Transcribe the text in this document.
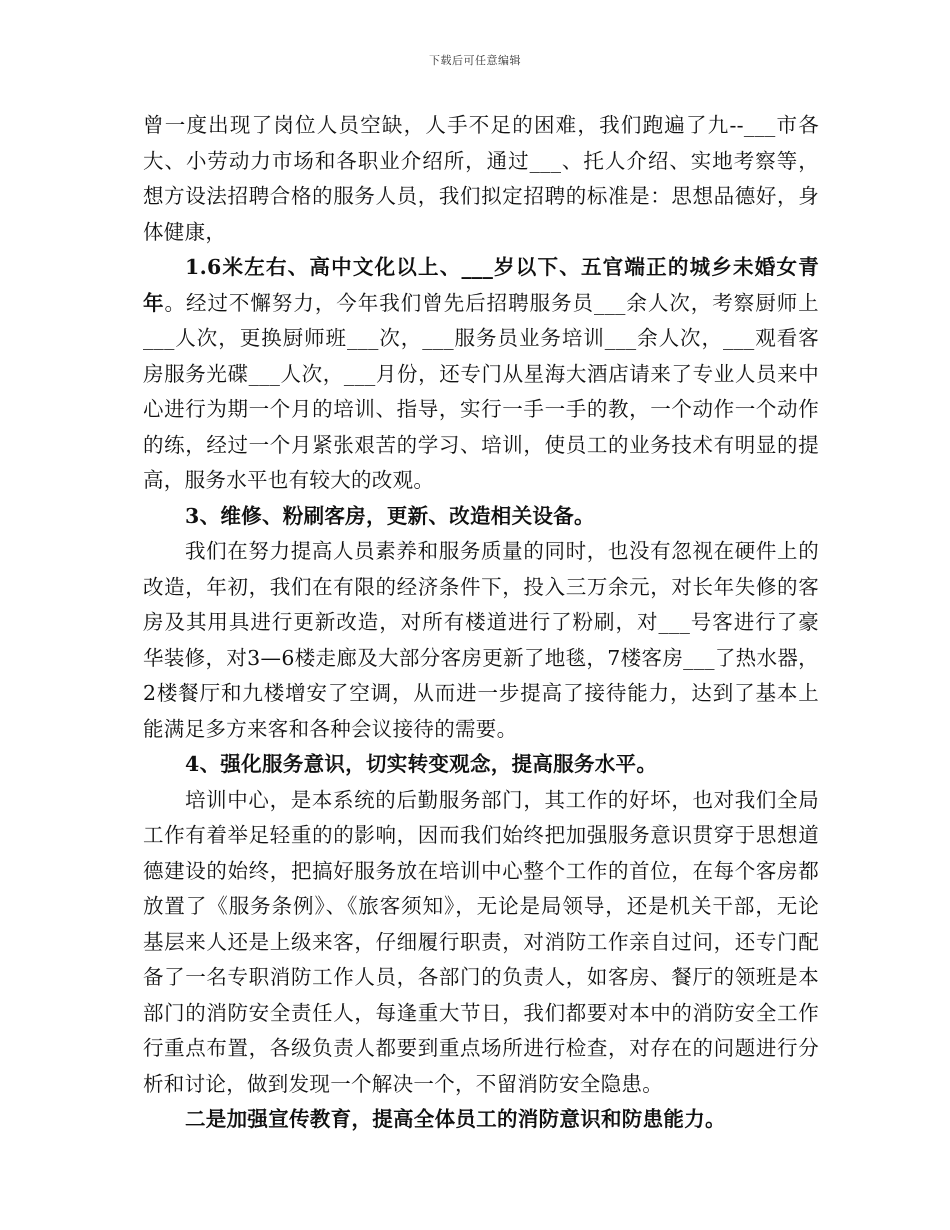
下载后可任意编辑

曾一度出现了岗位人员空缺，人手不足的困难，我们跑遍了九--___市各大、小劳动力市场和各职业介绍所，通过___、托人介绍、实地考察等，想方设法招聘合格的服务人员，我们拟定招聘的标准是：思想品德好，身体健康，

1.6米左右、高中文化以上、___岁以下、五官端正的城乡未婚女青年。经过不懈努力，今年我们曾先后招聘服务员___余人次，考察厨师上___人次，更换厨师班___次，___服务员业务培训___余人次，___观看客房服务光碟___人次，___月份，还专门从星海大酒店请来了专业人员来中心进行为期一个月的培训、指导，实行一手一手的教，一个动作一个动作的练，经过一个月紧张艰苦的学习、培训，使员工的业务技术有明显的提高，服务水平也有较大的改观。

3、维修、粉刷客房，更新、改造相关设备。

我们在努力提高人员素养和服务质量的同时，也没有忽视在硬件上的改造，年初，我们在有限的经济条件下，投入三万余元，对长年失修的客房及其用具进行更新改造，对所有楼道进行了粉刷，对___号客进行了豪华装修，对3—6楼走廊及大部分客房更新了地毯，7楼客房___了热水器，2楼餐厅和九楼增安了空调，从而进一步提高了接待能力，达到了基本上能满足多方来客和各种会议接待的需要。

4、强化服务意识，切实转变观念，提高服务水平。

培训中心，是本系统的后勤服务部门，其工作的好坏，也对我们全局工作有着举足轻重的的影响，因而我们始终把加强服务意识贯穿于思想道德建设的始终，把搞好服务放在培训中心整个工作的首位，在每个客房都放置了《服务条例》、《旅客须知》，无论是局领导，还是机关干部，无论基层来人还是上级来客，仔细履行职责，对消防工作亲自过问，还专门配备了一名专职消防工作人员，各部门的负责人，如客房、餐厅的领班是本部门的消防安全责任人，每逢重大节日，我们都要对本中的消防安全工作行重点布置，各级负责人都要到重点场所进行检查，对存在的问题进行分析和讨论，做到发现一个解决一个，不留消防安全隐患。

二是加强宣传教育，提高全体员工的消防意识和防患能力。
